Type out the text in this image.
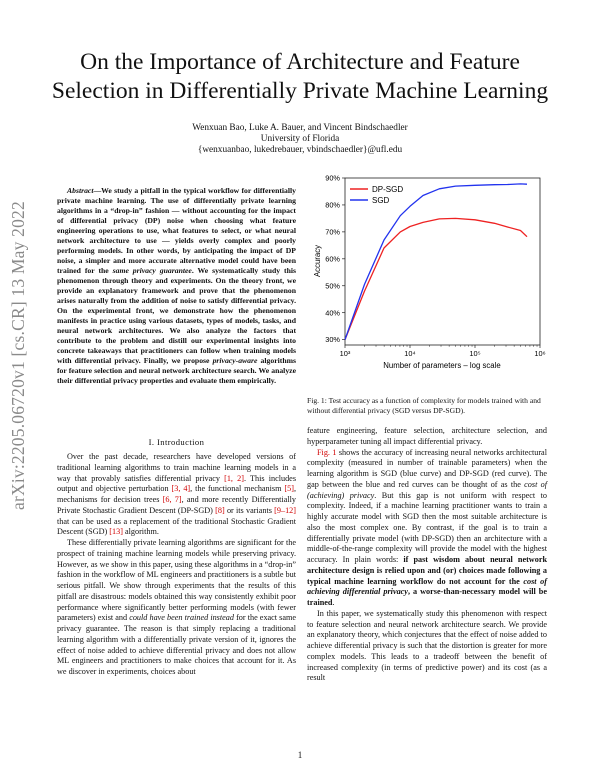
arXiv:2205.06720v1 [cs.CR] 13 May 2022
On the Importance of Architecture and Feature
Selection in Differentially Private Machine Learning
Wenxuan Bao, Luke A. Bauer, and Vincent Bindschaedler
University of Florida
{wenxuanbao, lukedrebauer, vbindschaedler}@ufl.edu

Abstract—We study a pitfall in the typical workflow for differentially private machine learning. The use of differentially private learning algorithms in a “drop-in” fashion — without accounting for the impact of differential privacy (DP) noise when choosing what feature engineering operations to use, what features to select, or what neural network architecture to use — yields overly complex and poorly performing models. In other words, by anticipating the impact of DP noise, a simpler and more accurate alternative model could have been trained for the same privacy guarantee. We systematically study this phenomenon through theory and experiments. On the theory front, we provide an explanatory framework and prove that the phenomenon arises naturally from the addition of noise to satisfy differential privacy. On the experimental front, we demonstrate how the phenomenon manifests in practice using various datasets, types of models, tasks, and neural network architectures. We also analyze the factors that contribute to the problem and distill our experimental insights into concrete takeaways that practitioners can follow when training models with differential privacy. Finally, we propose privacy-aware algorithms for feature selection and neural network architecture search. We analyze their differential privacy properties and evaluate them empirically.

I. Introduction

Over the past decade, researchers have developed versions of traditional learning algorithms to train machine learning models in a way that provably satisfies differential privacy [1, 2]. This includes output and objective perturbation [3, 4], the functional mechanism [5], mechanisms for decision trees [6, 7], and more recently Differentially Private Stochastic Gradient Descent (DP-SGD) [8] or its variants [9–12] that can be used as a replacement of the traditional Stochastic Gradient Descent (SGD) [13] algorithm.

These differentially private learning algorithms are significant for the prospect of training machine learning models while preserving privacy. However, as we show in this paper, using these algorithms in a “drop-in” fashion in the workflow of ML engineers and practitioners is a subtle but serious pitfall. We show through experiments that the results of this pitfall are disastrous: models obtained this way consistently exhibit poor performance where significantly better performing models (with fewer parameters) exist and could have been trained instead for the exact same privacy guarantee. The reason is that simply replacing a traditional learning algorithm with a differentially private version of it, ignores the effect of noise added to achieve differential privacy and does not allow ML engineers and practitioners to make choices that account for it. As we discover in experiments, choices about

30%
40%
50%
60%
70%
80%
90%
10³	10⁴	10⁵	10⁶
DP-SGD
SGD
Number of parameters – log scale
Accuracy
Fig. 1: Test accuracy as a function of complexity for models trained with and without differential privacy (SGD versus DP-SGD).

feature engineering, feature selection, architecture selection, and hyperparameter tuning all impact differential privacy.

Fig. 1 shows the accuracy of increasing neural networks architectural complexity (measured in number of trainable parameters) when the learning algorithm is SGD (blue curve) and DP-SGD (red curve). The gap between the blue and red curves can be thought of as the cost of (achieving) privacy. But this gap is not uniform with respect to complexity. Indeed, if a machine learning practitioner wants to train a highly accurate model with SGD then the most suitable architecture is also the most complex one. By contrast, if the goal is to train a differentially private model (with DP-SGD) then an architecture with a middle-of-the-range complexity will provide the model with the highest accuracy. In plain words: if past wisdom about neural network architecture design is relied upon and (or) choices made following a typical machine learning workflow do not account for the cost of achieving differential privacy, a worse-than-necessary model will be trained.

In this paper, we systematically study this phenomenon with respect to feature selection and neural network architecture search. We provide an explanatory theory, which conjectures that the effect of noise added to achieve differential privacy is such that the distortion is greater for more complex models. This leads to a tradeoff between the benefit of increased complexity (in terms of predictive power) and its cost (as a result

1
